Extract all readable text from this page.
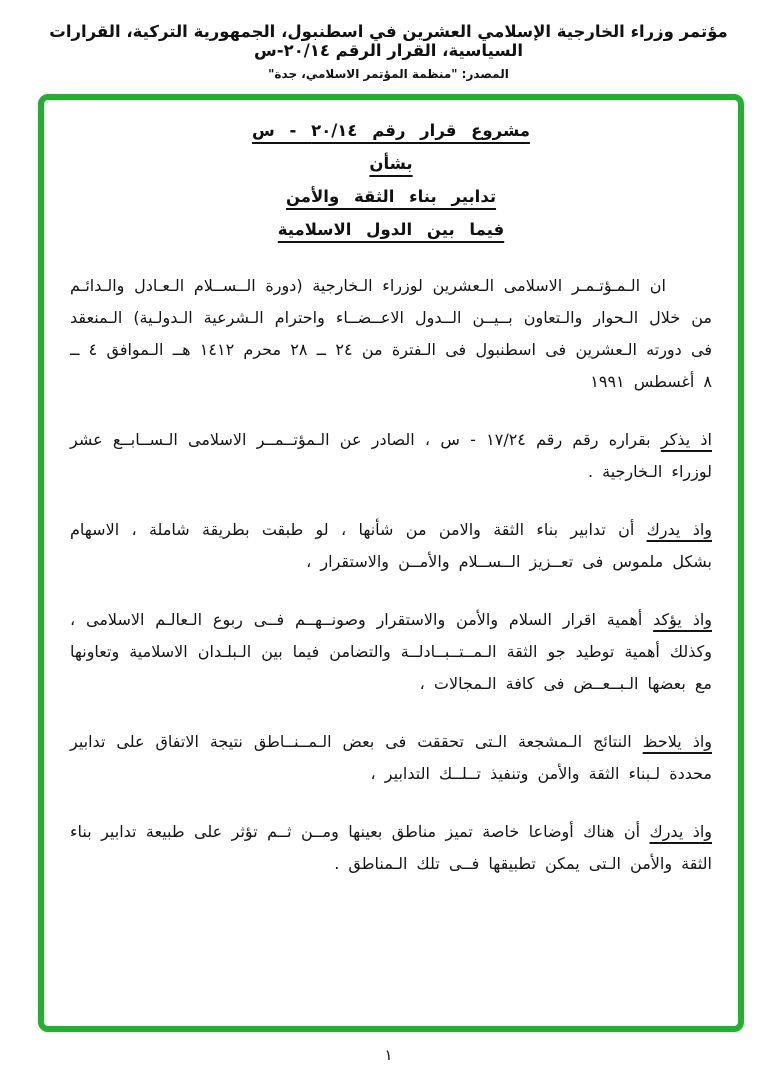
مؤتمر وزراء الخارجية الإسلامي العشرين في اسطنبول، الجمهورية التركية، القرارات السياسية، القرار الرقم ٢٠/١٤-س
المصدر: "منظمة المؤتمر الاسلامي، جدة"
مشروع قرار رقم ٢٠/١٤ - س
بشأن
تدابير بناء الثقة والأمن
فيما بين الدول الاسلامية

ان الـمـؤتـمـر الاسلامى الـعشرين لوزراء الـخارجية (دورة الــســلام الـعـادل والـدائـم من خلال الـحوار والـتعاون بــيــن الــدول الاعــضــاء واحترام الـشرعية الـدولـية) الـمنعقد فى دورته الـعشرين فى اسطنبول فى الـفترة من ٢٤ ــ ٢٨ محرم ١٤١٢ هــ الـموافق ٤ ــ ٨ أغسطس ١٩٩١

اذ يذكر بقراره رقم رقم ١٧/٢٤ - س ، الصادر عن الـمؤتــمــر الاسلامى الـســابــع عشر لوزراء الـخارجية .

واذ يدرك أن تدابير بناء الثقة والامن من شأنها ، لو طبقت بطريقة شاملة ، الاسهام بشكل ملموس فى تعــزيز الــســلام والأمــن والاستقرار ،

واذ يؤكد أهمية اقرار السلام والأمن والاستقرار وصونــهــم فــى ربوع الـعالـم الاسلامى ، وكذلك أهمية توطيد جو الثقة الـمــتــبــادلــة والتضامن فيما بين الـبلـدان الاسلامية وتعاونها مع بعضها الـبــعــض فى كافة الـمجالات ،

واذ يلاحظ النتائج الـمشجعة الـتى تحققت فى بعض الـمــنــاطق نتيجة الاتفاق على تدابير محددة لـبناء الثقة والأمن وتنفيذ تــلــك التدابير ،

واذ يدرك أن هناك أوضاعا خاصة تميز مناطق بعينها ومــن ثــم تؤثر على طبيعة تدابير بناء الثقة والأمن الـتى يمكن تطبيقها فــى تلك الـمناطق .

١
